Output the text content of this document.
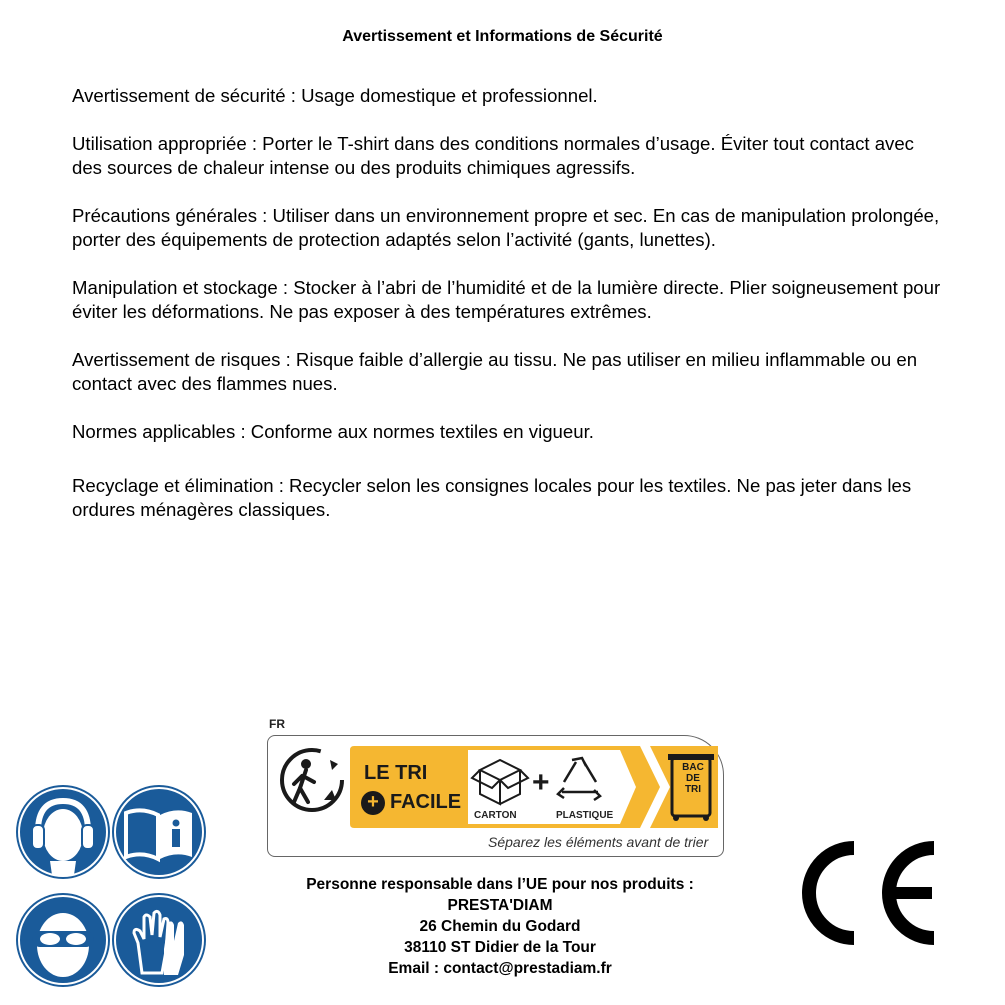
Avertissement et Informations de Sécurité
Avertissement de sécurité : Usage domestique et professionnel.
Utilisation appropriée : Porter le T-shirt dans des conditions normales d’usage. Éviter tout contact avec des sources de chaleur intense ou des produits chimiques agressifs.
Précautions générales : Utiliser dans un environnement propre et sec. En cas de manipulation prolongée, porter des équipements de protection adaptés selon l’activité (gants, lunettes).
Manipulation et stockage : Stocker à l’abri de l’humidité et de la lumière directe. Plier soigneusement pour éviter les déformations. Ne pas exposer à des températures extrêmes.
Avertissement de risques : Risque faible d’allergie au tissu. Ne pas utiliser en milieu inflammable ou en contact avec des flammes nues.
Normes applicables : Conforme aux normes textiles en vigueur.
Recyclage et élimination : Recycler selon les consignes locales pour les textiles. Ne pas jeter dans les ordures ménagères classiques.
FR
LE TRI
+ FACILE
+
CARTON	PLASTIQUE
BAC
DE
TRI
Séparez les éléments avant de trier
Personne responsable dans l’UE pour nos produits :
PRESTA'DIAM
26 Chemin du Godard
38110 ST Didier de la Tour
Email : contact@prestadiam.fr
